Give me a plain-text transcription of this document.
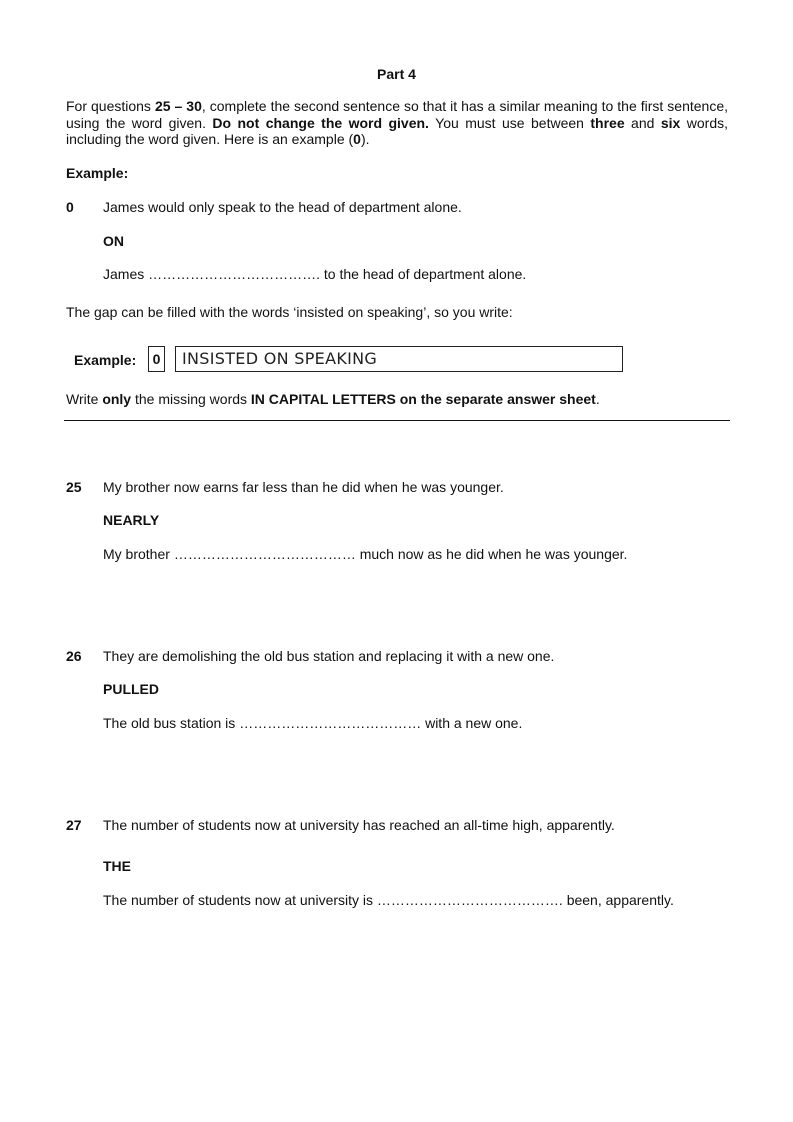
Part 4
For questions 25 – 30, complete the second sentence so that it has a similar meaning to the first sentence, using the word given. Do not change the word given. You must use between three and six words, including the word given. Here is an example (0).
Example:
0 James would only speak to the head of department alone.
ON
James ………………………………. to the head of department alone.
The gap can be filled with the words ‘insisted on speaking’, so you write:
Example:	0	INSISTED ON SPEAKING
Write only the missing words IN CAPITAL LETTERS on the separate answer sheet.
25 My brother now earns far less than he did when he was younger.
NEARLY
My brother ………………………………… much now as he did when he was younger.
26 They are demolishing the old bus station and replacing it with a new one.
PULLED
The old bus station is ………………………………… with a new one.
27 The number of students now at university has reached an all-time high, apparently.
THE
The number of students now at university is …………………………………. been, apparently.
